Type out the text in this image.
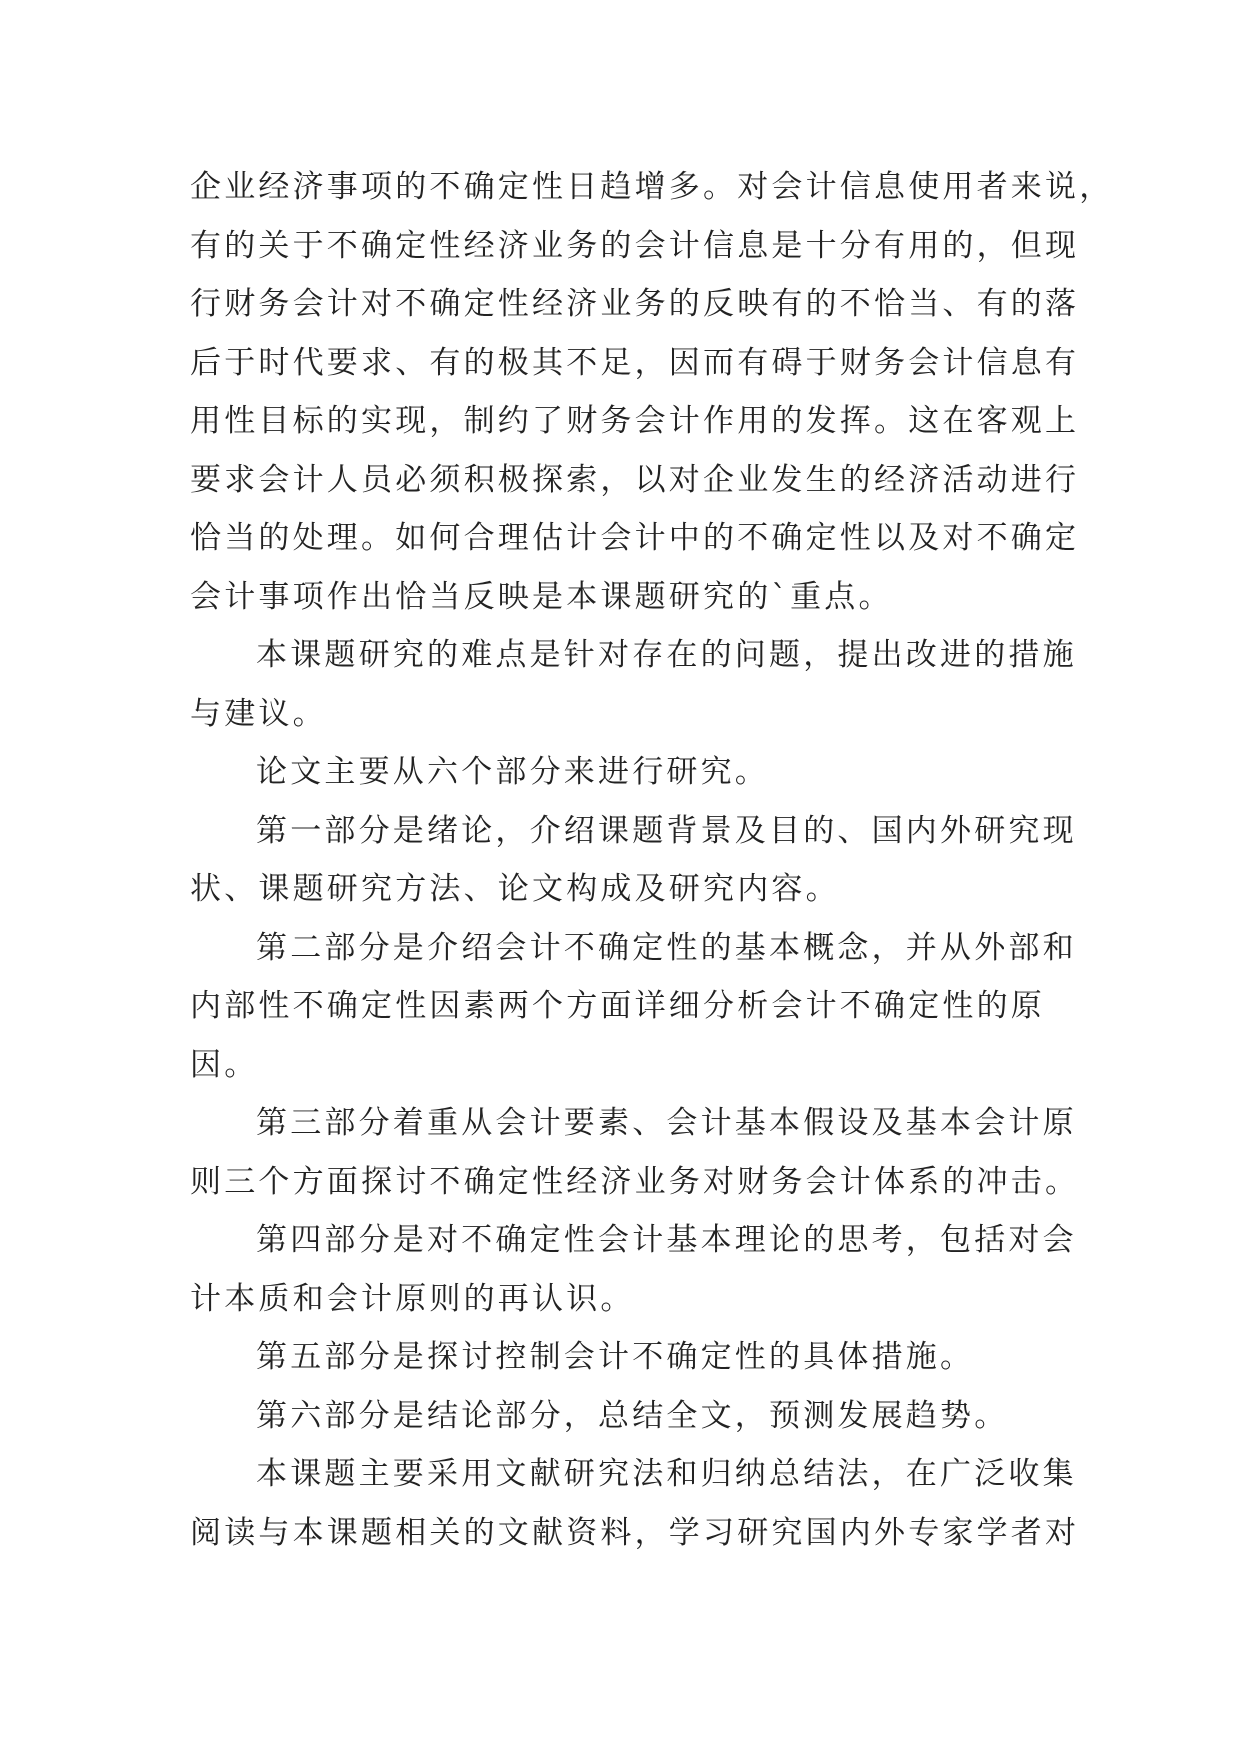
企业经济事项的不确定性日趋增多。对会计信息使用者来说，
有的关于不确定性经济业务的会计信息是十分有用的，但现
行财务会计对不确定性经济业务的反映有的不恰当、有的落
后于时代要求、有的极其不足，因而有碍于财务会计信息有
用性目标的实现，制约了财务会计作用的发挥。这在客观上
要求会计人员必须积极探索，以对企业发生的经济活动进行
恰当的处理。如何合理估计会计中的不确定性以及对不确定
会计事项作出恰当反映是本课题研究的`重点。
本课题研究的难点是针对存在的问题，提出改进的措施
与建议。
论文主要从六个部分来进行研究。
第一部分是绪论，介绍课题背景及目的、国内外研究现
状、课题研究方法、论文构成及研究内容。
第二部分是介绍会计不确定性的基本概念，并从外部和
内部性不确定性因素两个方面详细分析会计不确定性的原
因。
第三部分着重从会计要素、会计基本假设及基本会计原
则三个方面探讨不确定性经济业务对财务会计体系的冲击。
第四部分是对不确定性会计基本理论的思考，包括对会
计本质和会计原则的再认识。
第五部分是探讨控制会计不确定性的具体措施。
第六部分是结论部分，总结全文，预测发展趋势。
本课题主要采用文献研究法和归纳总结法，在广泛收集
阅读与本课题相关的文献资料，学习研究国内外专家学者对
